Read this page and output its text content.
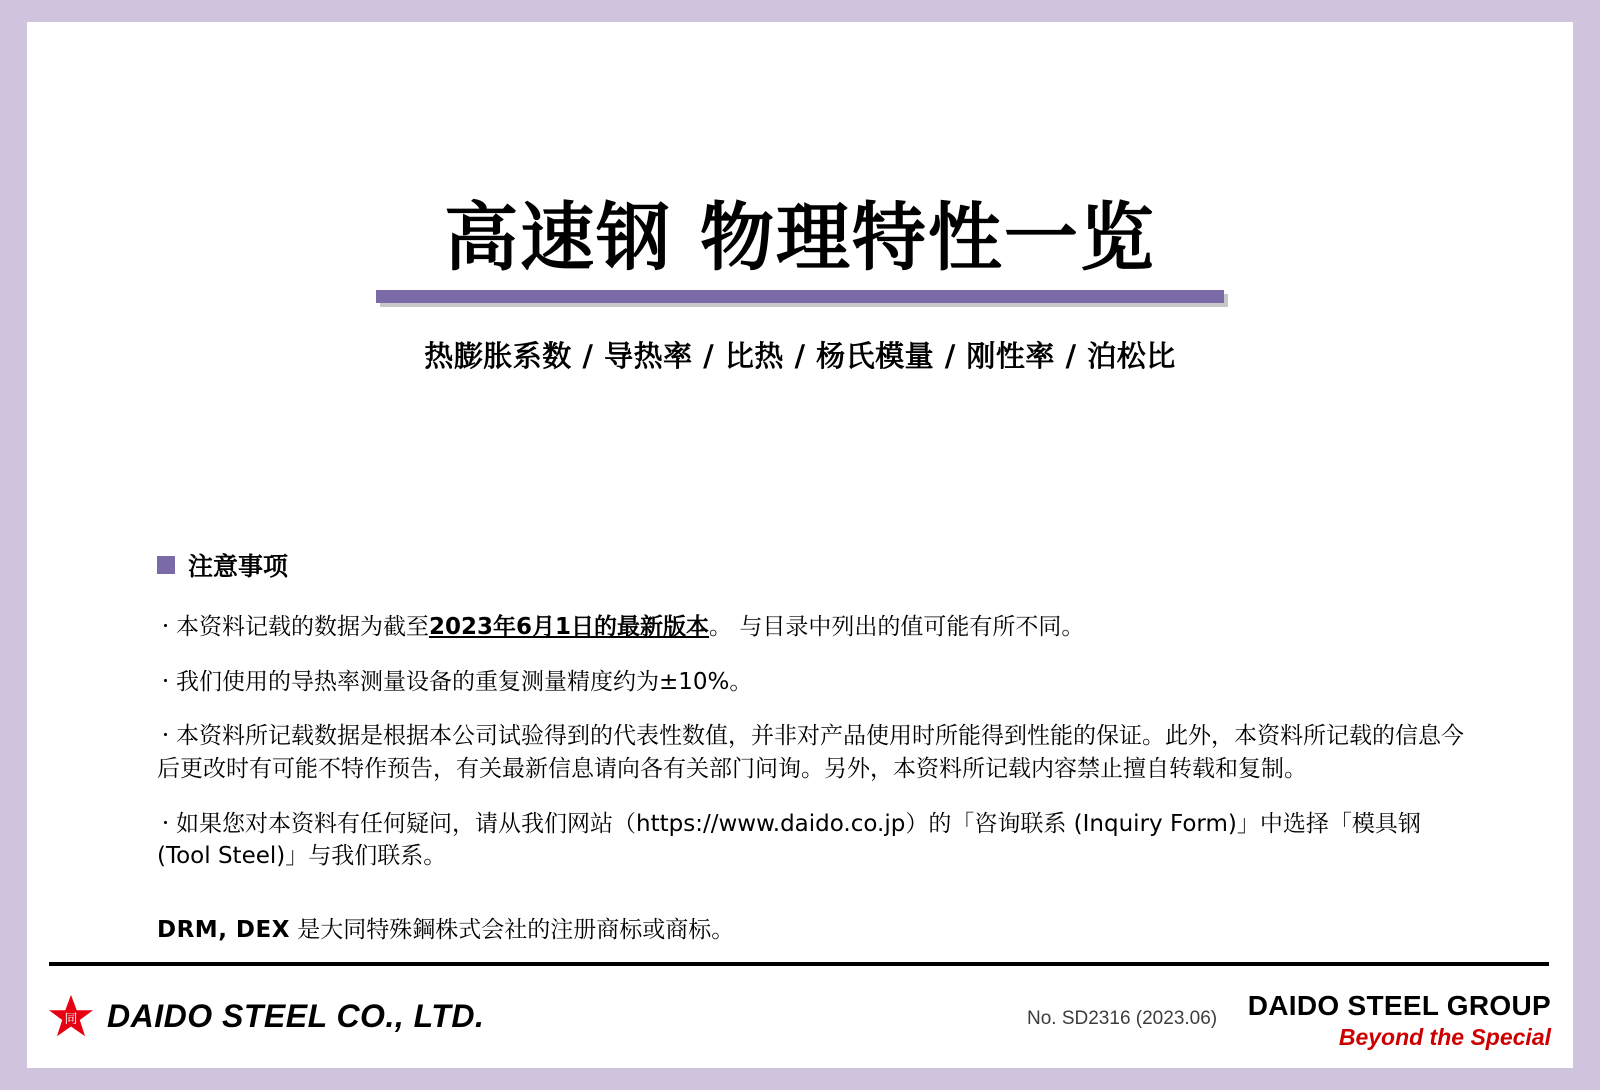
高速钢 物理特性一览
热膨胀系数 / 导热率 / 比热 / 杨氏模量 / 刚性率 / 泊松比
注意事项
・本资料记载的数据为截至2023年6月1日的最新版本。 与目录中列出的值可能有所不同。
・我们使用的导热率测量设备的重复测量精度约为±10%。
・本资料所记载数据是根据本公司试验得到的代表性数值，并非对产品使用时所能得到性能的保证。此外，本资料所记载的信息今后更改时有可能不特作预告，有关最新信息请向各有关部门问询。另外，本资料所记载内容禁止擅自转载和复制。
・如果您对本资料有任何疑问，请从我们网站（https://www.daido.co.jp）的「咨询联系 (Inquiry Form)」中选择「模具钢 (Tool Steel)」与我们联系。
DRM, DEX 是大同特殊鋼株式会社的注册商标或商标。
同 DAIDO STEEL CO., LTD.	No. SD2316 (2023.06) DAIDO STEEL GROUP
Beyond the Special
